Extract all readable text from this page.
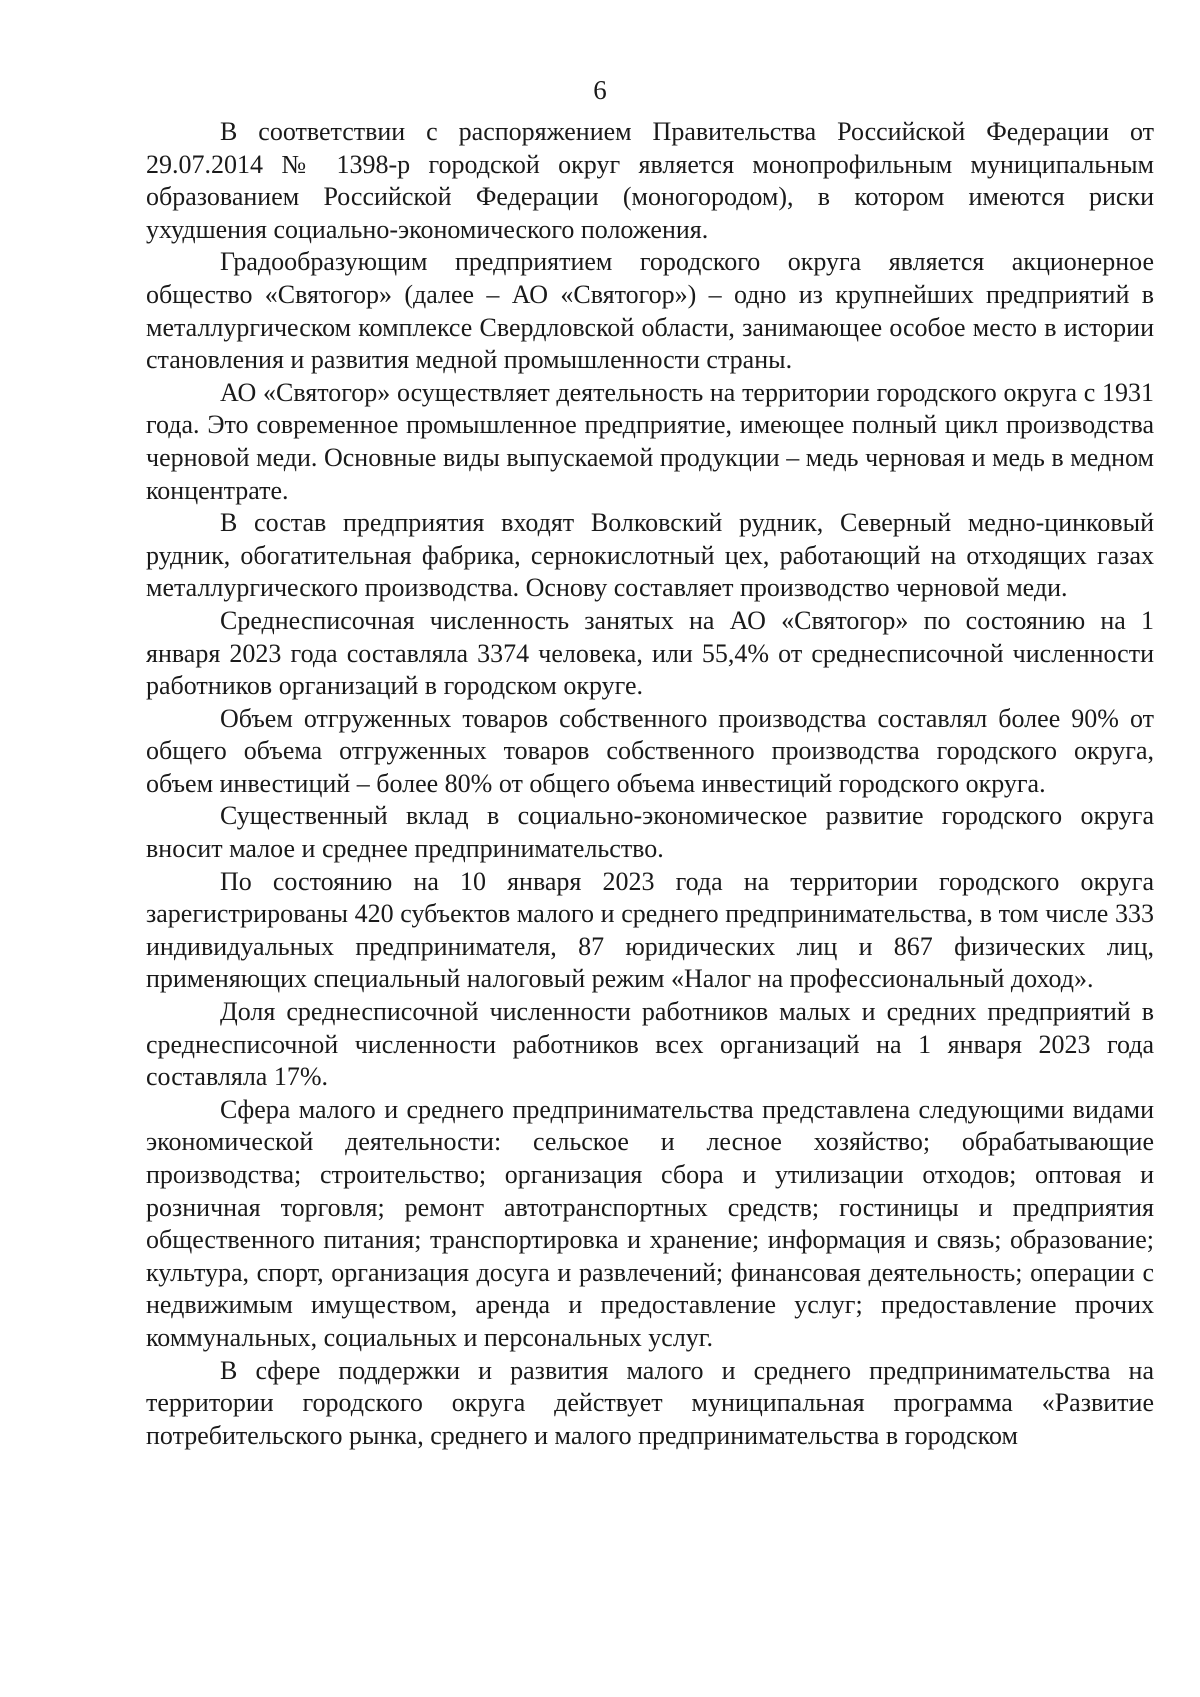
6

В соответствии с распоряжением Правительства Российской Федерации от 29.07.2014 № 1398-р городской округ является монопрофильным муниципальным образованием Российской Федерации (моногородом), в котором имеются риски ухудшения социально-экономического положения.

Градообразующим предприятием городского округа является акционерное общество «Святогор» (далее – АО «Святогор») – одно из крупнейших предприятий в металлургическом комплексе Свердловской области, занимающее особое место в истории становления и развития медной промышленности страны.

АО «Святогор» осуществляет деятельность на территории городского округа с 1931 года. Это современное промышленное предприятие, имеющее полный цикл производства черновой меди. Основные виды выпускаемой продукции – медь черновая и медь в медном концентрате.

В состав предприятия входят Волковский рудник, Северный медно-цинковый рудник, обогатительная фабрика, сернокислотный цех, работающий на отходящих газах металлургического производства. Основу составляет производство черновой меди.

Среднесписочная численность занятых на АО «Святогор» по состоянию на 1 января 2023 года составляла 3374 человека, или 55,4% от среднесписочной численности работников организаций в городском округе.

Объем отгруженных товаров собственного производства составлял более 90% от общего объема отгруженных товаров собственного производства городского округа, объем инвестиций – более 80% от общего объема инвестиций городского округа.

Существенный вклад в социально-экономическое развитие городского округа вносит малое и среднее предпринимательство.

По состоянию на 10 января 2023 года на территории городского округа зарегистрированы 420 субъектов малого и среднего предпринимательства, в том числе 333 индивидуальных предпринимателя, 87 юридических лиц и 867 физических лиц, применяющих специальный налоговый режим «Налог на профессиональный доход».

Доля среднесписочной численности работников малых и средних предприятий в среднесписочной численности работников всех организаций на 1 января 2023 года составляла 17%.

Сфера малого и среднего предпринимательства представлена следующими видами экономической деятельности: сельское и лесное хозяйство; обрабатывающие производства; строительство; организация сбора и утилизации отходов; оптовая и розничная торговля; ремонт автотранспортных средств; гостиницы и предприятия общественного питания; транспортировка и хранение; информация и связь; образование; культура, спорт, организация досуга и развлечений; финансовая деятельность; операции с недвижимым имуществом, аренда и предоставление услуг; предоставление прочих коммунальных, социальных и персональных услуг.

В сфере поддержки и развития малого и среднего предпринимательства на территории городского округа действует муниципальная программа «Развитие потребительского рынка, среднего и малого предпринимательства в городском
